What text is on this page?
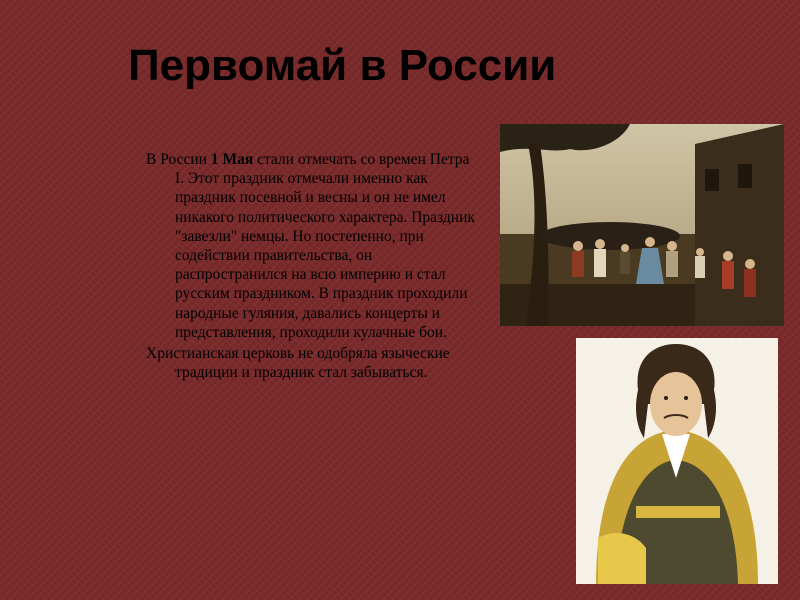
Первомай в России

В России 1 Мая стали отмечать со времен Петра I. Этот праздник отмечали именно как праздник посевной и весны и он не имел никакого политического характера. Праздник "завезли" немцы. Но постепенно, при содействии правительства, он распространился на всю империю и стал русским праздником. В праздник проходили народные гуляния, давались концерты и представления, проходили кулачные бои.

Христианская церковь не одобряла языческие традиции и праздник стал забываться.
